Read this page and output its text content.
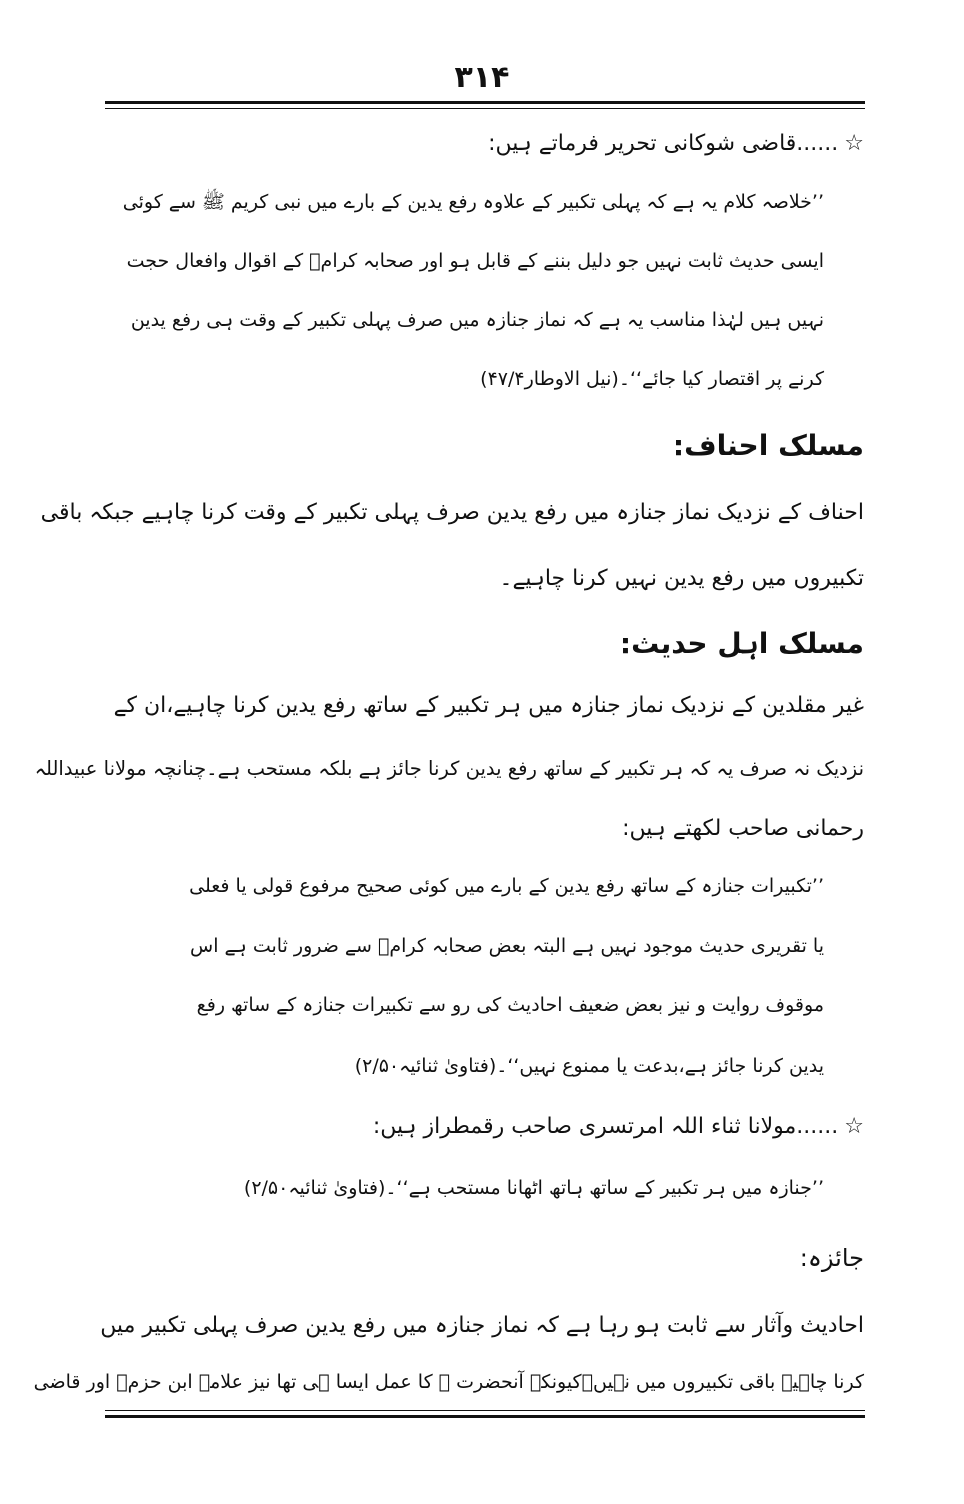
۳۱۴
☆......قاضی شوکانی تحریر فرماتے ہیں:
’’خلاصہ کلام یہ ہے کہ پہلی تکبیر کے علاوہ رفع یدین کے بارے میں نبی کریم ﷺ سے کوئی
ایسی حدیث ثابت نہیں جو دلیل بننے کے قابل ہو اور صحابہ کرامؓ کے اقوال وافعال حجت
نہیں ہیں لہٰذا مناسب یہ ہے کہ نماز جنازہ میں صرف پہلی تکبیر کے وقت ہی رفع یدین
کرنے پر اقتصار کیا جائے‘‘۔(نیل الاوطار۴۷/۴)
مسلک احناف:
احناف کے نزدیک نماز جنازہ میں رفع یدین صرف پہلی تکبیر کے وقت کرنا چاہیے جبکہ باقی
تکبیروں میں رفع یدین نہیں کرنا چاہیے۔
مسلک اہل حدیث:
غیر مقلدین کے نزدیک نماز جنازہ میں ہر تکبیر کے ساتھ رفع یدین کرنا چاہیے،ان کے
نزدیک نہ صرف یہ کہ ہر تکبیر کے ساتھ رفع یدین کرنا جائز ہے بلکہ مستحب ہے۔چنانچہ مولانا عبیداللہ
رحمانی صاحب لکھتے ہیں:
’’تکبیرات جنازہ کے ساتھ رفع یدین کے بارے میں کوئی صحیح مرفوع قولی یا فعلی
یا تقریری حدیث موجود نہیں ہے البتہ بعض صحابہ کرامؓ سے ضرور ثابت ہے اس
موقوف روایت و نیز بعض ضعیف احادیث کی رو سے تکبیرات جنازہ کے ساتھ رفع
یدین کرنا جائز ہے،بدعت یا ممنوع نہیں‘‘۔(فتاویٰ ثنائیہ۲/۵۰)
☆......مولانا ثناء اللہ امرتسری صاحب رقمطراز ہیں:
’’جنازہ میں ہر تکبیر کے ساتھ ہاتھ اٹھانا مستحب ہے‘‘۔(فتاویٰ ثنائیہ۲/۵۰)
جائزہ:
احادیث وآثار سے ثابت ہو رہا ہے کہ نماز جنازہ میں رفع یدین صرف پہلی تکبیر میں
کرنا چاہیے باقی تکبیروں میں نہیں۔کیونکہ آنحضرت ﷺ کا عمل ایسا ہی تھا نیز علامہ ابن حزمؒ اور قاضی
